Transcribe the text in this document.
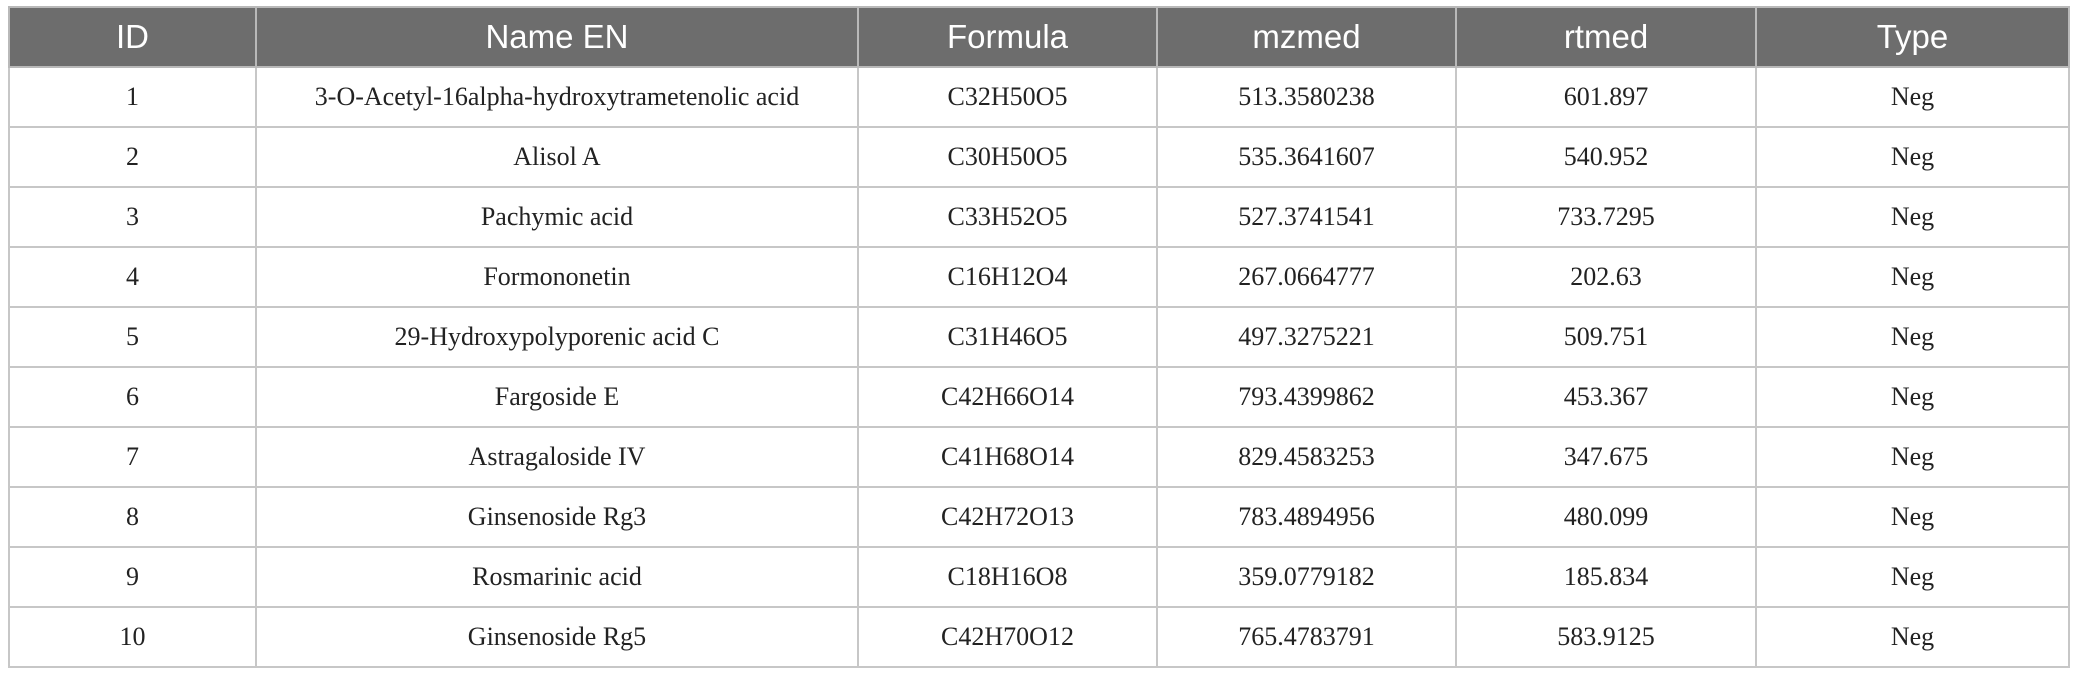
ID	Name EN	Formula	mzmed	rtmed	Type
1	3-O-Acetyl-16alpha-hydroxytrametenolic acid	C32H50O5	513.3580238	601.897	Neg
2	Alisol A	C30H50O5	535.3641607	540.952	Neg
3	Pachymic acid	C33H52O5	527.3741541	733.7295	Neg
4	Formononetin	C16H12O4	267.0664777	202.63	Neg
5	29-Hydroxypolyporenic acid C	C31H46O5	497.3275221	509.751	Neg
6	Fargoside E	C42H66O14	793.4399862	453.367	Neg
7	Astragaloside IV	C41H68O14	829.4583253	347.675	Neg
8	Ginsenoside Rg3	C42H72O13	783.4894956	480.099	Neg
9	Rosmarinic acid	C18H16O8	359.0779182	185.834	Neg
10	Ginsenoside Rg5	C42H70O12	765.4783791	583.9125	Neg
